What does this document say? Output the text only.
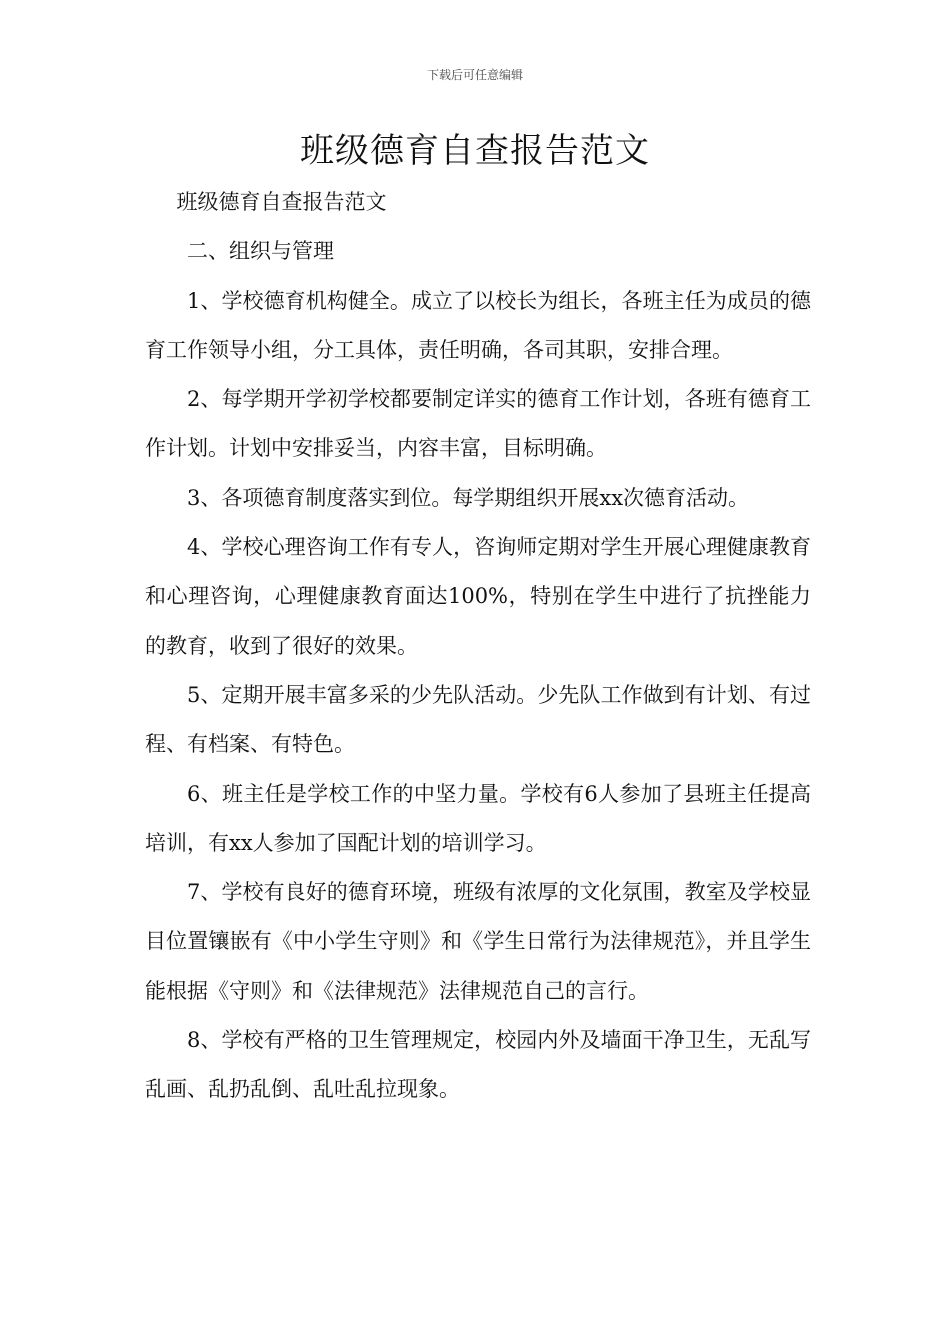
下载后可任意编辑
班级德育自查报告范文

班级德育自查报告范文

二、组织与管理

1、学校德育机构健全。成立了以校长为组长，各班主任为成员的德育工作领导小组，分工具体，责任明确，各司其职，安排合理。

2、每学期开学初学校都要制定详实的德育工作计划，各班有德育工作计划。计划中安排妥当，内容丰富，目标明确。

3、各项德育制度落实到位。每学期组织开展xx次德育活动。

4、学校心理咨询工作有专人，咨询师定期对学生开展心理健康教育和心理咨询，心理健康教育面达100%，特别在学生中进行了抗挫能力的教育，收到了很好的效果。

5、定期开展丰富多采的少先队活动。少先队工作做到有计划、有过程、有档案、有特色。

6、班主任是学校工作的中坚力量。学校有6人参加了县班主任提高培训，有xx人参加了国配计划的培训学习。

7、学校有良好的德育环境，班级有浓厚的文化氛围，教室及学校显目位置镶嵌有《中小学生守则》和《学生日常行为法律规范》，并且学生能根据《守则》和《法律规范》法律规范自己的言行。

8、学校有严格的卫生管理规定，校园内外及墙面干净卫生，无乱写乱画、乱扔乱倒、乱吐乱拉现象。
